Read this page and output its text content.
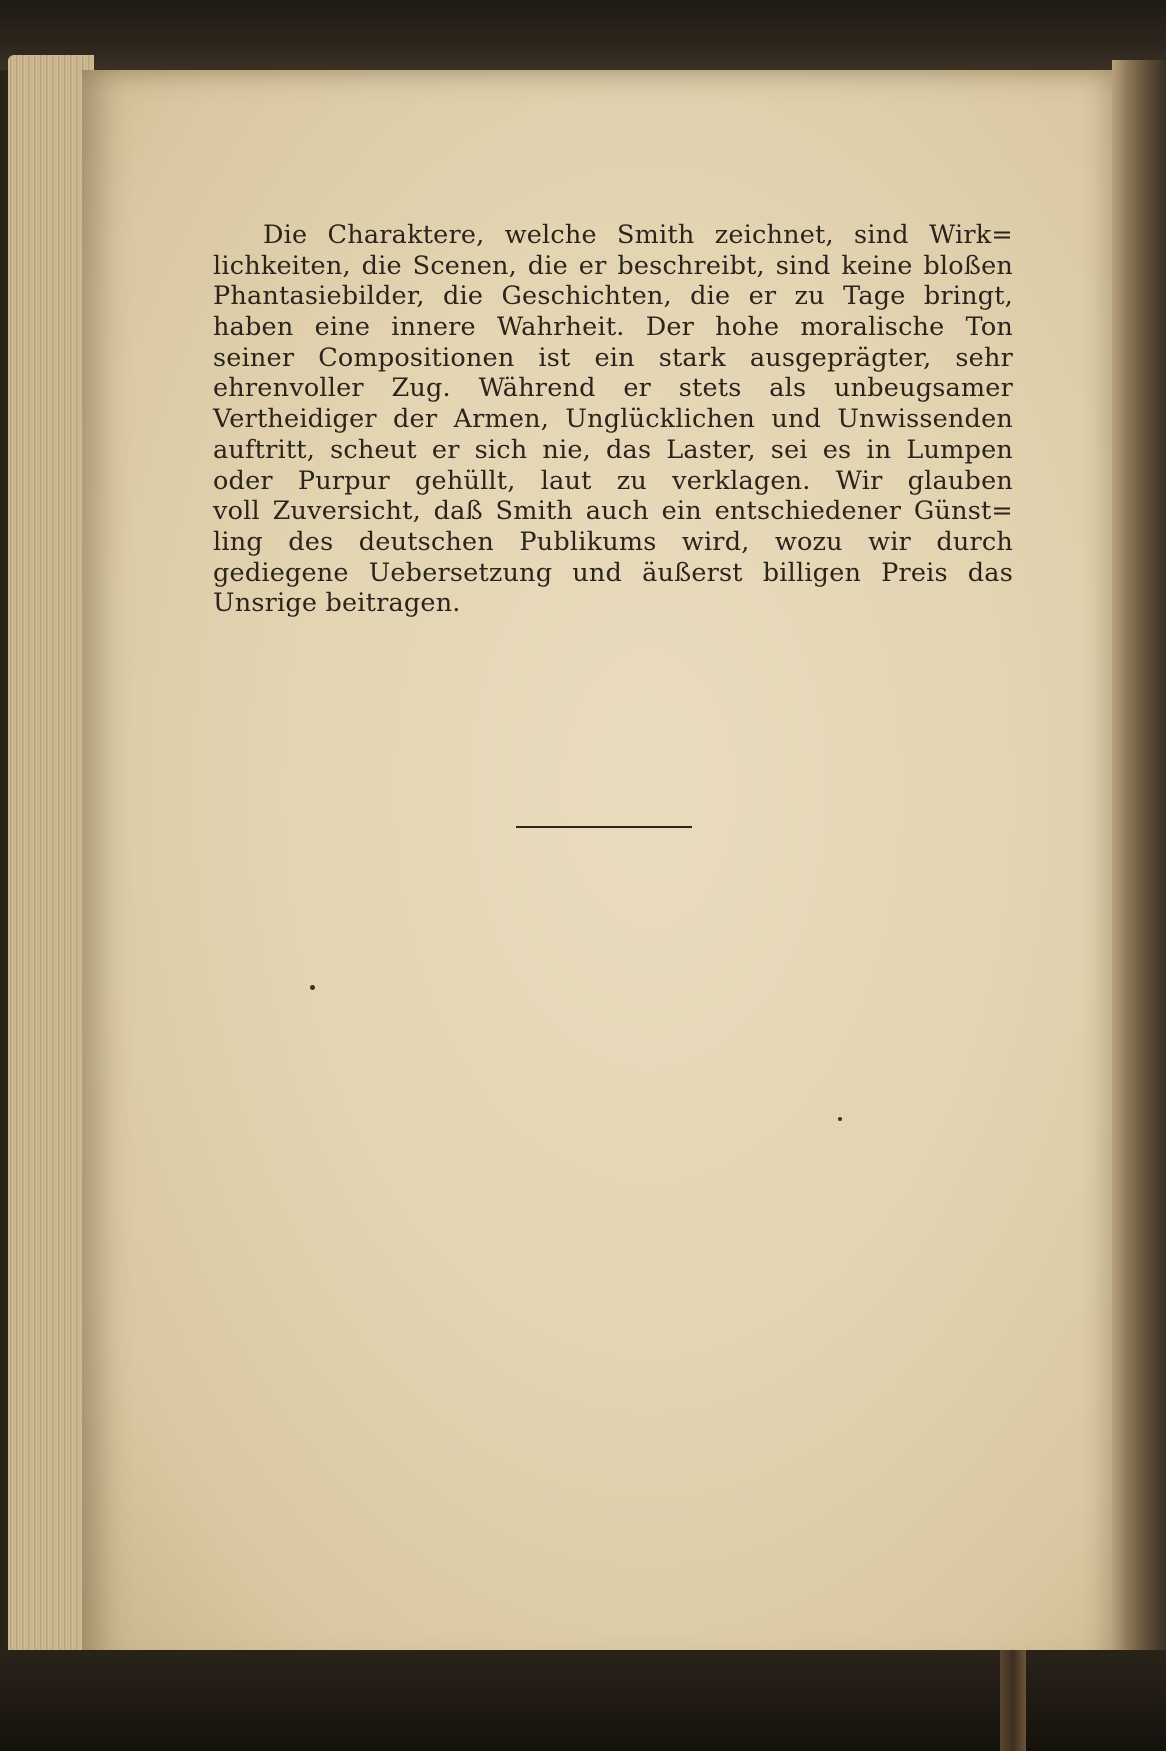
Die Charaktere, welche Smith zeichnet, sind Wirk=
lichkeiten, die Scenen, die er beschreibt, sind keine bloßen
Phantasiebilder, die Geschichten, die er zu Tage bringt,
haben eine innere Wahrheit. Der hohe moralische Ton
seiner Compositionen ist ein stark ausgeprägter, sehr
ehrenvoller Zug. Während er stets als unbeugsamer
Vertheidiger der Armen, Unglücklichen und Unwissenden
auftritt, scheut er sich nie, das Laster, sei es in Lumpen
oder Purpur gehüllt, laut zu verklagen. Wir glauben
voll Zuversicht, daß Smith auch ein entschiedener Günst=
ling des deutschen Publikums wird, wozu wir durch
gediegene Uebersetzung und äußerst billigen Preis das
Unsrige beitragen.
